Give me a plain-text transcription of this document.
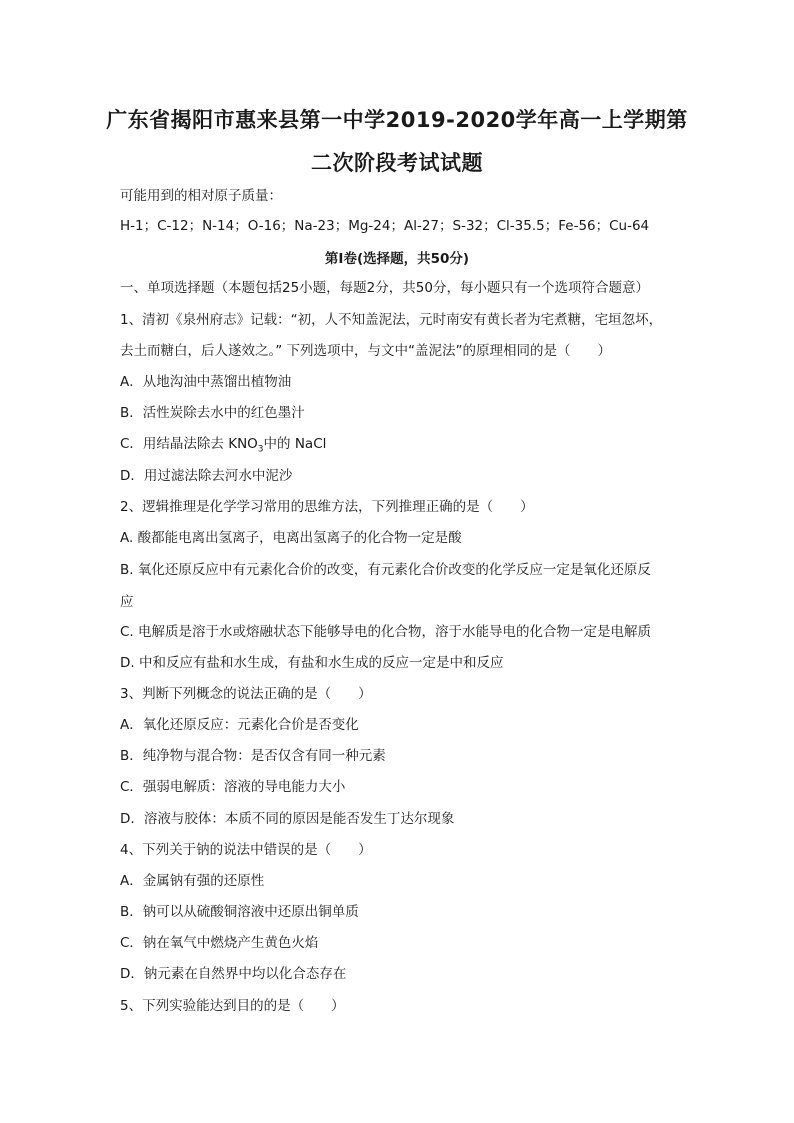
广东省揭阳市惠来县第一中学2019-2020学年高一上学期第
二次阶段考试试题
可能用到的相对原子质量：
H-1；C-12；N-14；O-16；Na-23；Mg-24；Al-27；S-32；Cl-35.5；Fe-56；Cu-64
第Ⅰ卷(选择题，共50分)
一、单项选择题（本题包括25小题，每题2分，共50分，每小题只有一个选项符合题意）
1、清初《泉州府志》记载：“初，人不知盖泥法，元时南安有黄长者为宅煮糖，宅垣忽坏，
去土而糖白，后人遂效之。” 下列选项中，与文中“盖泥法”的原理相同的是（　　）
A．从地沟油中蒸馏出植物油
B．活性炭除去水中的红色墨汁
C．用结晶法除去 $KNO_3$中的 NaCl
D．用过滤法除去河水中泥沙
2、逻辑推理是化学学习常用的思维方法，下列推理正确的是（　　）
A. 酸都能电离出氢离子，电离出氢离子的化合物一定是酸
B. 氧化还原反应中有元素化合价的改变，有元素化合价改变的化学反应一定是氧化还原反
应
C. 电解质是溶于水或熔融状态下能够导电的化合物，溶于水能导电的化合物一定是电解质
D. 中和反应有盐和水生成，有盐和水生成的反应一定是中和反应
3、判断下列概念的说法正确的是（　　）
A．氧化还原反应：元素化合价是否变化
B．纯净物与混合物：是否仅含有同一种元素
C．强弱电解质：溶液的导电能力大小
D．溶液与胶体：本质不同的原因是能否发生丁达尔现象
4、下列关于钠的说法中错误的是（　　）
A．金属钠有强的还原性
B．钠可以从硫酸铜溶液中还原出铜单质
C．钠在氧气中燃烧产生黄色火焰
D．钠元素在自然界中均以化合态存在
5、下列实验能达到目的的是（　　）
